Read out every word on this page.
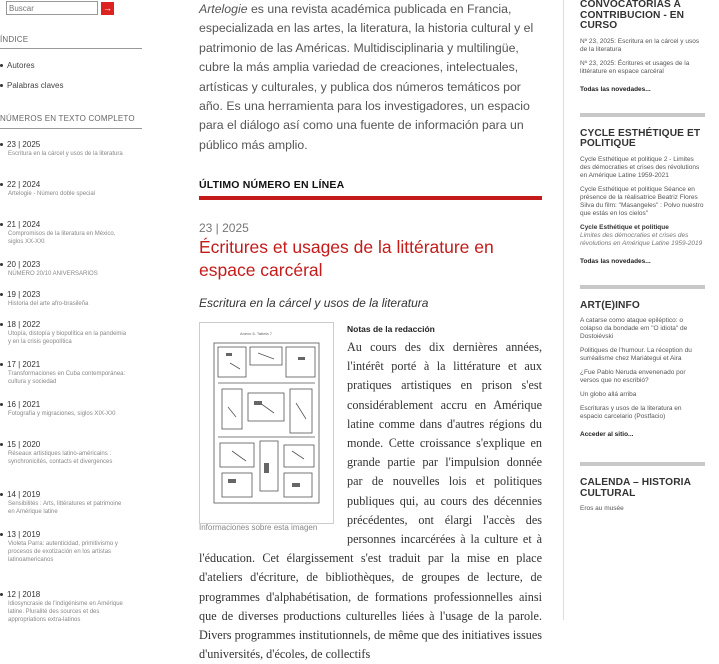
Buscar
→
ÍNDICE
Autores
Palabras claves
NÚMEROS EN TEXTO COMPLETO
23 | 2025
Escritura en la cárcel y usos de la literatura
22 | 2024
Artelogie - Número doble special
21 | 2024
Compromisos de la literatura en México, siglos XX-XXI
20 | 2023
NÚMERO 20/10 ANIVERSARIOS
19 | 2023
Historia del arte afro-brasileña
18 | 2022
Utopía, distopía y biopolítica en la pandemia y en la crisis geopolítica
17 | 2021
Transformaciones en Cuba contemporánea: cultura y sociedad
16 | 2021
Fotografía y migraciones, siglos XIX-XXI
15 | 2020
Réseaux artistiques latino-américains : synchronicités, contacts et divergences
14 | 2019
Sensibilités : Arts, littératures et patrimoine en Amérique latine
13 | 2019
Violeta Parra: autenticidad, primitivismo y procesos de exotización en los artistas latinoamericanos
12 | 2018
Idiosyncrasie de l'indigénisme en Amérique latine. Pluralité des sources et des appropriations extra-latinos

Artelogie es una revista académica publicada en Francia, especializada en las artes, la literatura, la historia cultural y el patrimonio de las Américas. Multidisciplinaria y multilingüe, cubre la más amplia variedad de creaciones, intelectuales, artísticas y culturales, y publica dos números temáticos por año. Es una herramienta para los investigadores, un espacio para el diálogo así como una fuente de información para un público más amplio.

ÚLTIMO NÚMERO EN LÍNEA
23 | 2025
Écritures et usages de la littérature en espace carcéral
Escritura en la cárcel y usos de la literatura
Anexo 6. Tabela 7
Informaciones sobre esta imagen
Notas de la redacción
Au cours des dix dernières années, l'intérêt porté à la littérature et aux pratiques artistiques en prison s'est considérablement accru en Amérique latine comme dans d'autres régions du monde. Cette croissance s'explique en grande partie par l'impulsion donnée par de nouvelles lois et politiques publiques qui, au cours des décennies précédentes, ont élargi l'accès des personnes incarcérées à la culture et à l'éducation. Cet élargissement s'est traduit par la mise en place d'ateliers d'écriture, de bibliothèques, de groupes de lecture, de programmes d'alphabétisation, de formations professionnelles ainsi que de diverses productions culturelles liées à l'usage de la parole. Divers programmes institutionnels, de même que des initiatives issues d'universités, d'écoles, de collectifs
CONVOCATORIAS A CONTRIBUCION - EN CURSO
Nº 23, 2025: Escritura en la cárcel y usos de la literatura
Nº 23, 2025: Écritures et usages de la littérature en espace carcéral
Todas las novedades...
CYCLE ESTHÉTIQUE ET POLITIQUE
Cycle Esthétique et politique 2 - Limites des démocraties et crises des révolutions en Amérique Latine 1959-2021
Cycle Esthétique et politique Séance en présence de la réalisatrice Beatriz Flores Silva du film: "Masangeles" : Polvo nuestro que estás en los cielos"
Cycle Esthétique et politique
Limites des démocraties et crises des révolutions en Amérique Latine 1959-2019
Todas las novedades...
ART(E)INFO
A catarse como ataque epiléptico: o colapso da bondade em "O idiota" de Dostoiévski
Politiques de l'humour. La réception du surréalisme chez Mariátegui et Aira
¿Fue Pablo Neruda envenenado por versos que no escribió?
Un globo allá arriba
Escrituras y usos de la literatura en espacio carcelario (Postfacio)
Acceder al sitio...
CALENDA – HISTORIA CULTURAL
Eros au musée
